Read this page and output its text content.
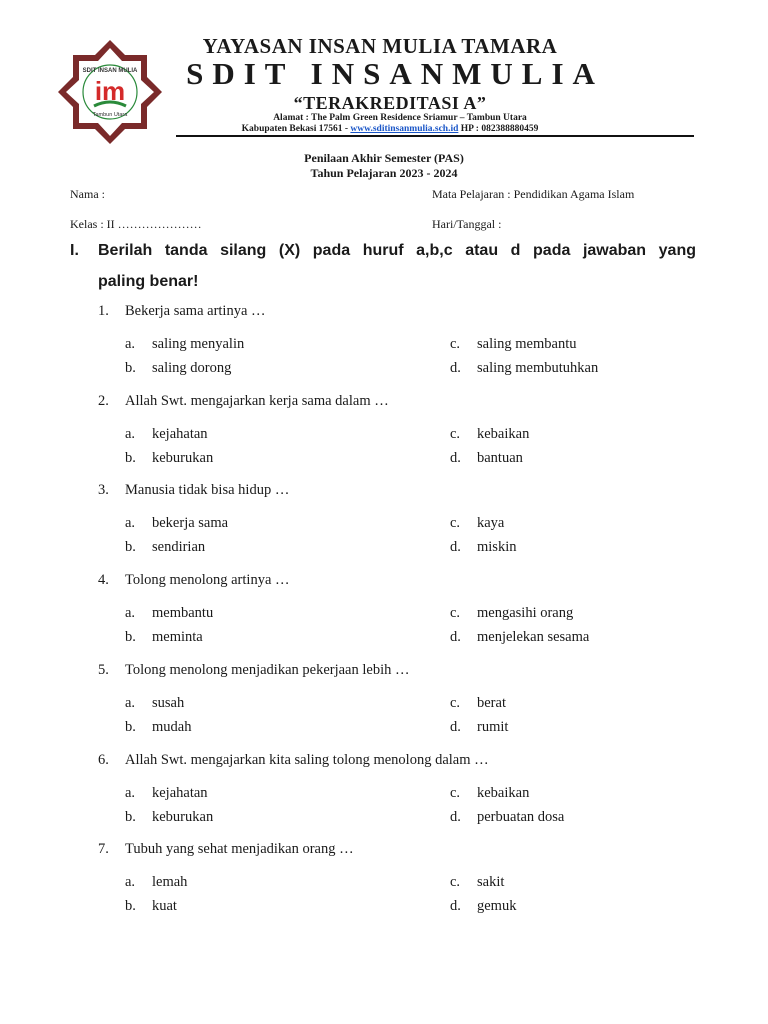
im
SDIT INSAN MULIA
Tambun Utara
YAYASAN INSAN MULIA TAMARA
SDIT INSANMULIA
“TERAKREDITASI A”
Alamat : The Palm Green Residence Sriamur – Tambun Utara
Kabupaten Bekasi 17561 - www.sditinsanmulia.sch.id HP : 082388880459
Penilaan Akhir Semester (PAS)
Tahun Pelajaran 2023 - 2024
Nama :	Mata Pelajaran : Pendidikan Agama Islam
Kelas : II …………………	Hari/Tanggal :
I. Berilah tanda silang (X) pada huruf a,b,c atau d pada jawaban yang
paling benar!
1. Bekerja sama artinya …
a. saling menyalin
b. saling dorong
c. saling membantu
d. saling membutuhkan
2. Allah Swt. mengajarkan kerja sama dalam …
a. kejahatan
b. keburukan
c. kebaikan
d. bantuan
3. Manusia tidak bisa hidup …
a. bekerja sama
b. sendirian
c. kaya
d. miskin
4. Tolong menolong artinya …
a. membantu
b. meminta
c. mengasihi orang
d. menjelekan sesama
5. Tolong menolong menjadikan pekerjaan lebih …
a. susah
b. mudah
c. berat
d. rumit
6. Allah Swt. mengajarkan kita saling tolong menolong dalam …
a. kejahatan
b. keburukan
c. kebaikan
d. perbuatan dosa
7. Tubuh yang sehat menjadikan orang …
a. lemah
b. kuat
c. sakit
d. gemuk
